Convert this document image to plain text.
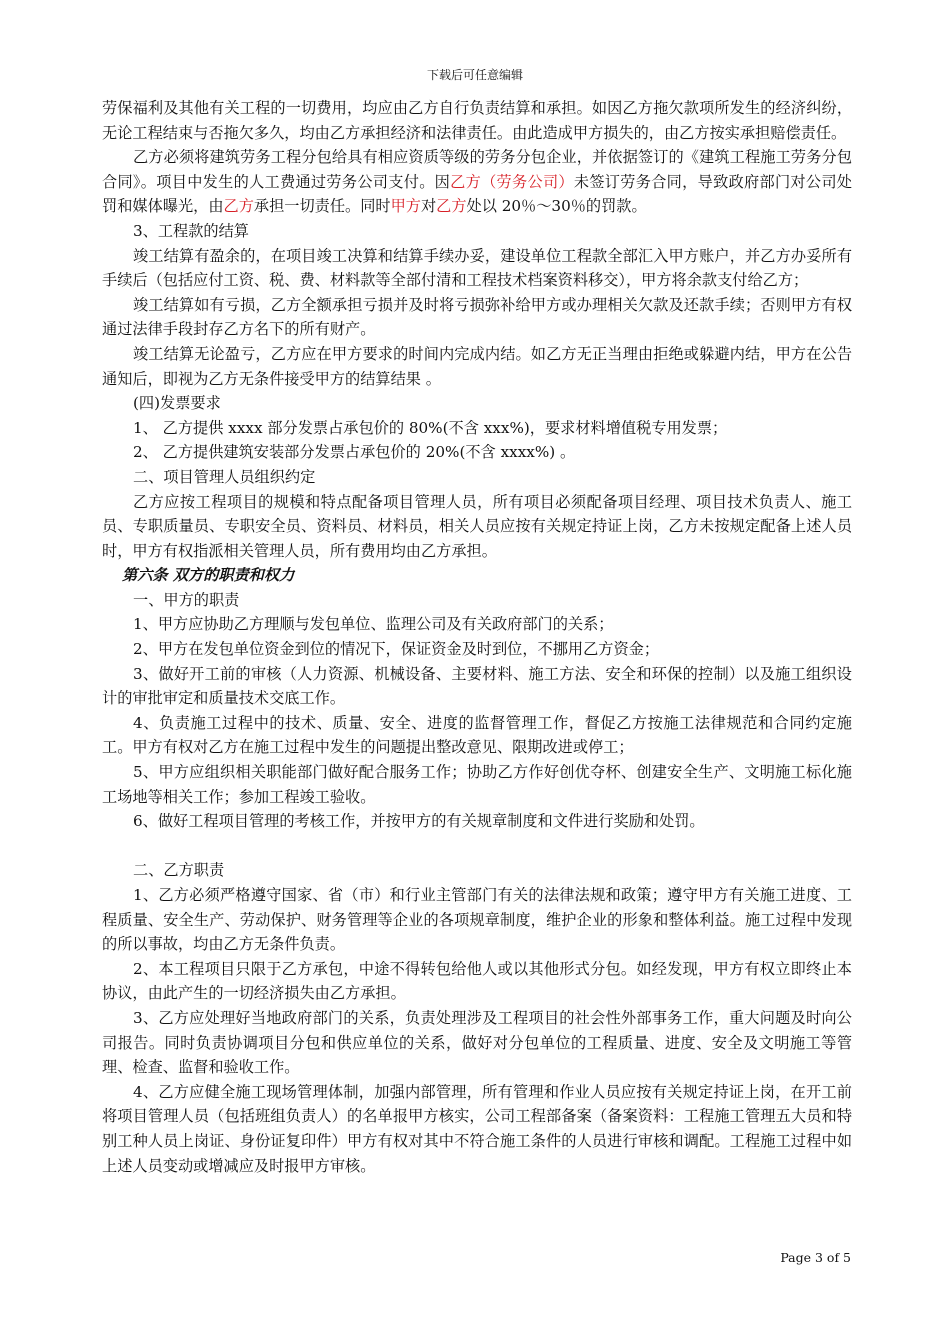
下载后可任意编辑

劳保福利及其他有关工程的一切费用，均应由乙方自行负责结算和承担。如因乙方拖欠款项所发生的经济纠纷，无论工程结束与否拖欠多久，均由乙方承担经济和法律责任。由此造成甲方损失的，由乙方按实承担赔偿责任。

乙方必须将建筑劳务工程分包给具有相应资质等级的劳务分包企业，并依据签订的《建筑工程施工劳务分包合同》。项目中发生的人工费通过劳务公司支付。因乙方（劳务公司）未签订劳务合同，导致政府部门对公司处罚和媒体曝光，由乙方承担一切责任。同时甲方对乙方处以 20％～30％的罚款。

3、工程款的结算

竣工结算有盈余的，在项目竣工决算和结算手续办妥，建设单位工程款全部汇入甲方账户，并乙方办妥所有手续后（包括应付工资、税、费、材料款等全部付清和工程技术档案资料移交），甲方将余款支付给乙方；

竣工结算如有亏损，乙方全额承担亏损并及时将亏损弥补给甲方或办理相关欠款及还款手续；否则甲方有权通过法律手段封存乙方名下的所有财产。

竣工结算无论盈亏，乙方应在甲方要求的时间内完成内结。如乙方无正当理由拒绝或躲避内结，甲方在公告通知后，即视为乙方无条件接受甲方的结算结果 。

(四)发票要求

1、 乙方提供 xxxx 部分发票占承包价的 80%(不含 xxx%)，要求材料增值税专用发票；

2、 乙方提供建筑安装部分发票占承包价的 20%(不含 xxxx%) 。

二、项目管理人员组织约定

乙方应按工程项目的规模和特点配备项目管理人员，所有项目必须配备项目经理、项目技术负责人、施工员、专职质量员、专职安全员、资料员、材料员，相关人员应按有关规定持证上岗，乙方未按规定配备上述人员时，甲方有权指派相关管理人员，所有费用均由乙方承担。

第六条 双方的职责和权力

一、甲方的职责

1、甲方应协助乙方理顺与发包单位、监理公司及有关政府部门的关系；

2、甲方在发包单位资金到位的情况下，保证资金及时到位，不挪用乙方资金；

3、做好开工前的审核（人力资源、机械设备、主要材料、施工方法、安全和环保的控制）以及施工组织设计的审批审定和质量技术交底工作。

4、负责施工过程中的技术、质量、安全、进度的监督管理工作，督促乙方按施工法律规范和合同约定施工。甲方有权对乙方在施工过程中发生的问题提出整改意见、限期改进或停工；

5、甲方应组织相关职能部门做好配合服务工作；协助乙方作好创优夺杯、创建安全生产、文明施工标化施工场地等相关工作；参加工程竣工验收。

6、做好工程项目管理的考核工作，并按甲方的有关规章制度和文件进行奖励和处罚。

二、乙方职责

1、乙方必须严格遵守国家、省（市）和行业主管部门有关的法律法规和政策；遵守甲方有关施工进度、工程质量、安全生产、劳动保护、财务管理等企业的各项规章制度，维护企业的形象和整体利益。施工过程中发现的所以事故，均由乙方无条件负责。

2、本工程项目只限于乙方承包，中途不得转包给他人或以其他形式分包。如经发现，甲方有权立即终止本协议，由此产生的一切经济损失由乙方承担。

3、乙方应处理好当地政府部门的关系，负责处理涉及工程项目的社会性外部事务工作，重大问题及时向公司报告。同时负责协调项目分包和供应单位的关系，做好对分包单位的工程质量、进度、安全及文明施工等管理、检查、监督和验收工作。

4、乙方应健全施工现场管理体制，加强内部管理，所有管理和作业人员应按有关规定持证上岗，在开工前将项目管理人员（包括班组负责人）的名单报甲方核实，公司工程部备案（备案资料：工程施工管理五大员和特别工种人员上岗证、身份证复印件）甲方有权对其中不符合施工条件的人员进行审核和调配。工程施工过程中如上述人员变动或增减应及时报甲方审核。

Page 3 of 5
